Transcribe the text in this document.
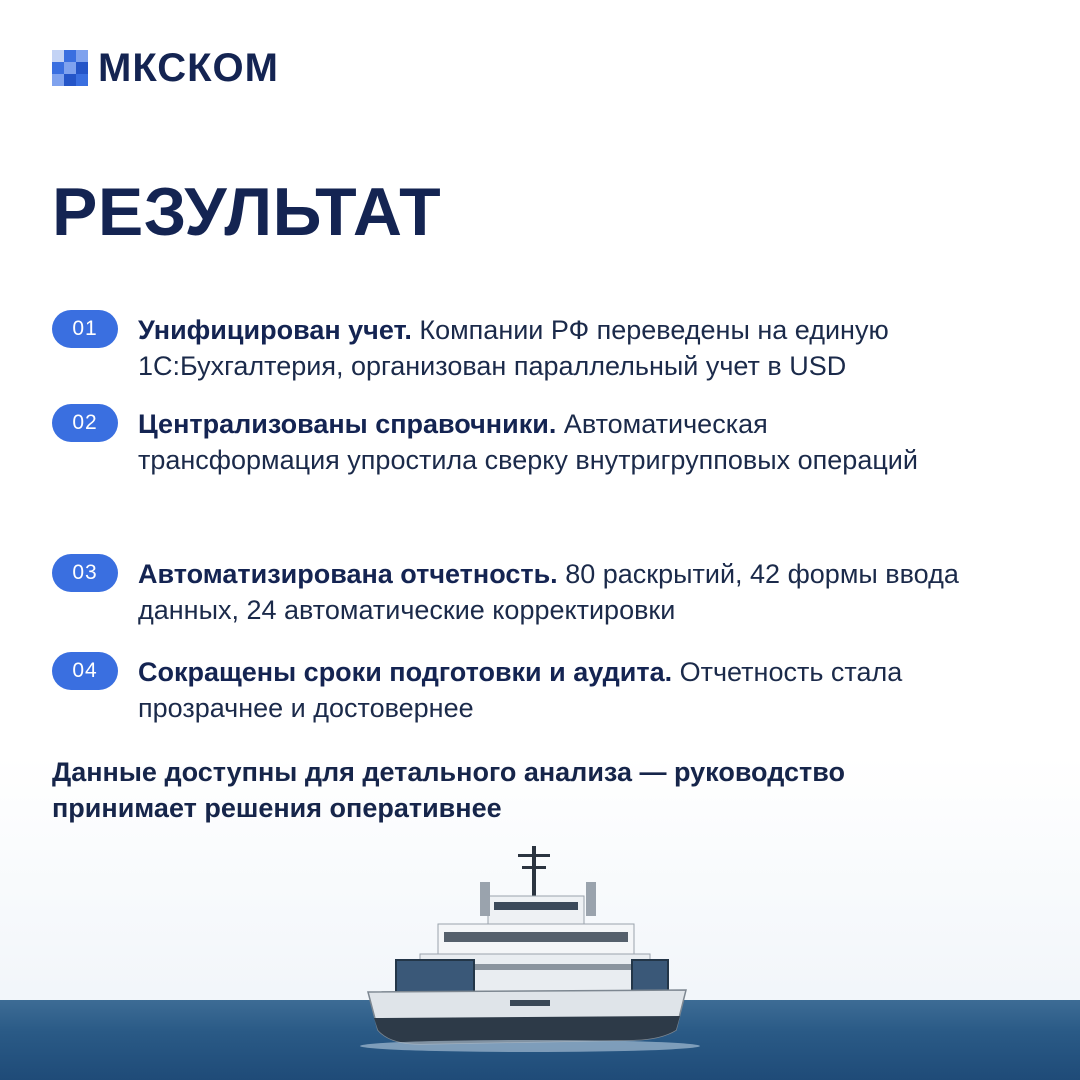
МКСКОМ
РЕЗУЛЬТАТ
01	Унифицирован учет. Компании РФ переведены на единую 1С:Бухгалтерия, организован параллельный учет в USD
02	Централизованы справочники. Автоматическая трансформация упростила сверку внутригрупповых операций
03	Автоматизирована отчетность. 80 раскрытий, 42 формы ввода данных, 24 автоматические корректировки
04	Сокращены сроки подготовки и аудита. Отчетность стала прозрачнее и достовернее
Данные доступны для детального анализа — руководство принимает решения оперативнее
